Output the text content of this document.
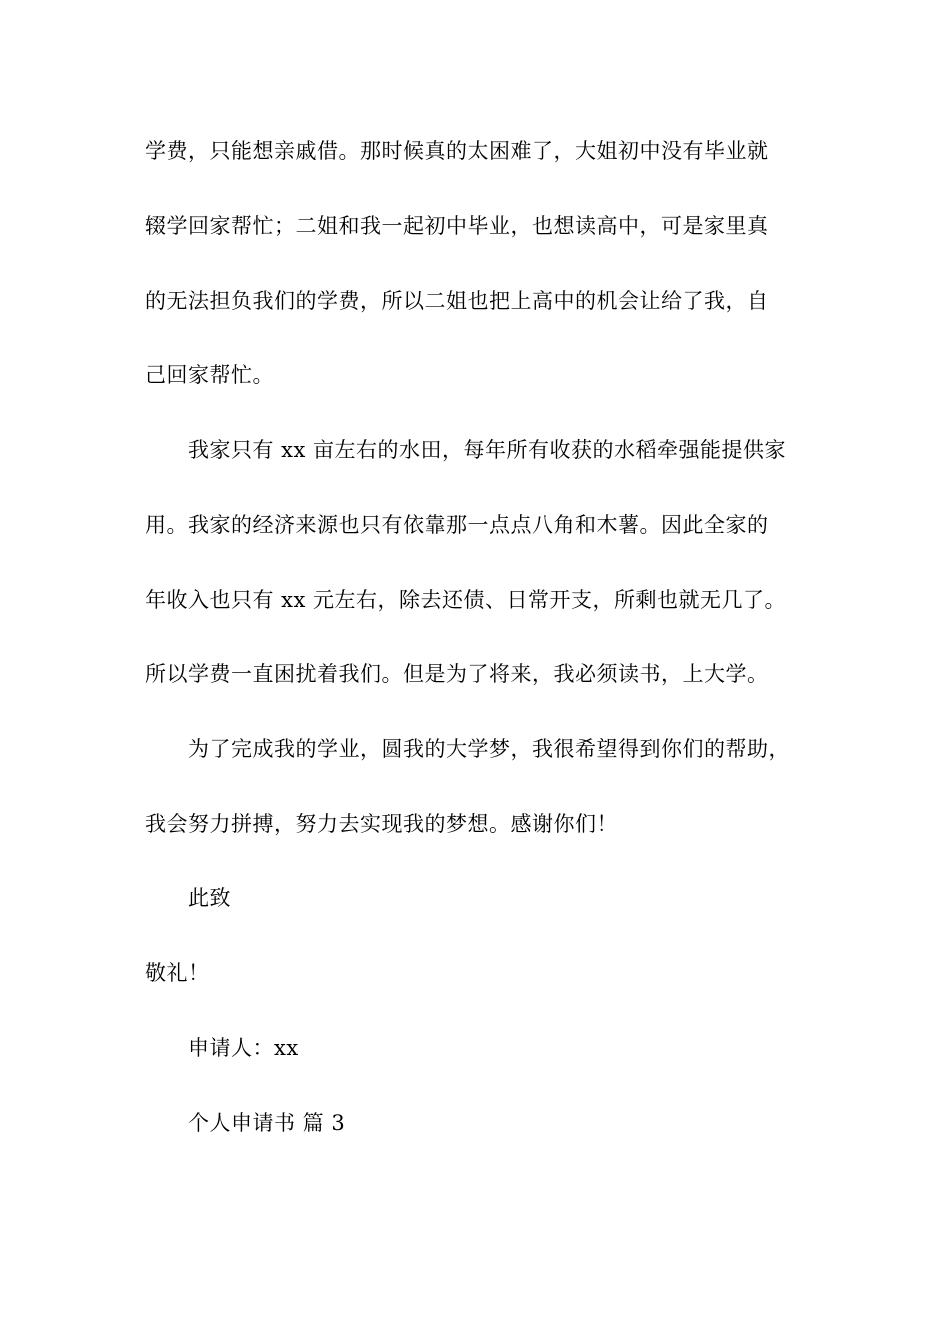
学费，只能想亲戚借。那时候真的太困难了，大姐初中没有毕业就
辍学回家帮忙；二姐和我一起初中毕业，也想读高中，可是家里真
的无法担负我们的学费，所以二姐也把上高中的机会让给了我，自
己回家帮忙。
我家只有 xx 亩左右的水田，每年所有收获的水稻牵强能提供家
用。我家的经济来源也只有依靠那一点点八角和木薯。因此全家的
年收入也只有 xx 元左右，除去还债、日常开支，所剩也就无几了。
所以学费一直困扰着我们。但是为了将来，我必须读书，上大学。
为了完成我的学业，圆我的大学梦，我很希望得到你们的帮助，
我会努力拼搏，努力去实现我的梦想。感谢你们！
此致
敬礼！
申请人：xx
个人申请书 篇 3
